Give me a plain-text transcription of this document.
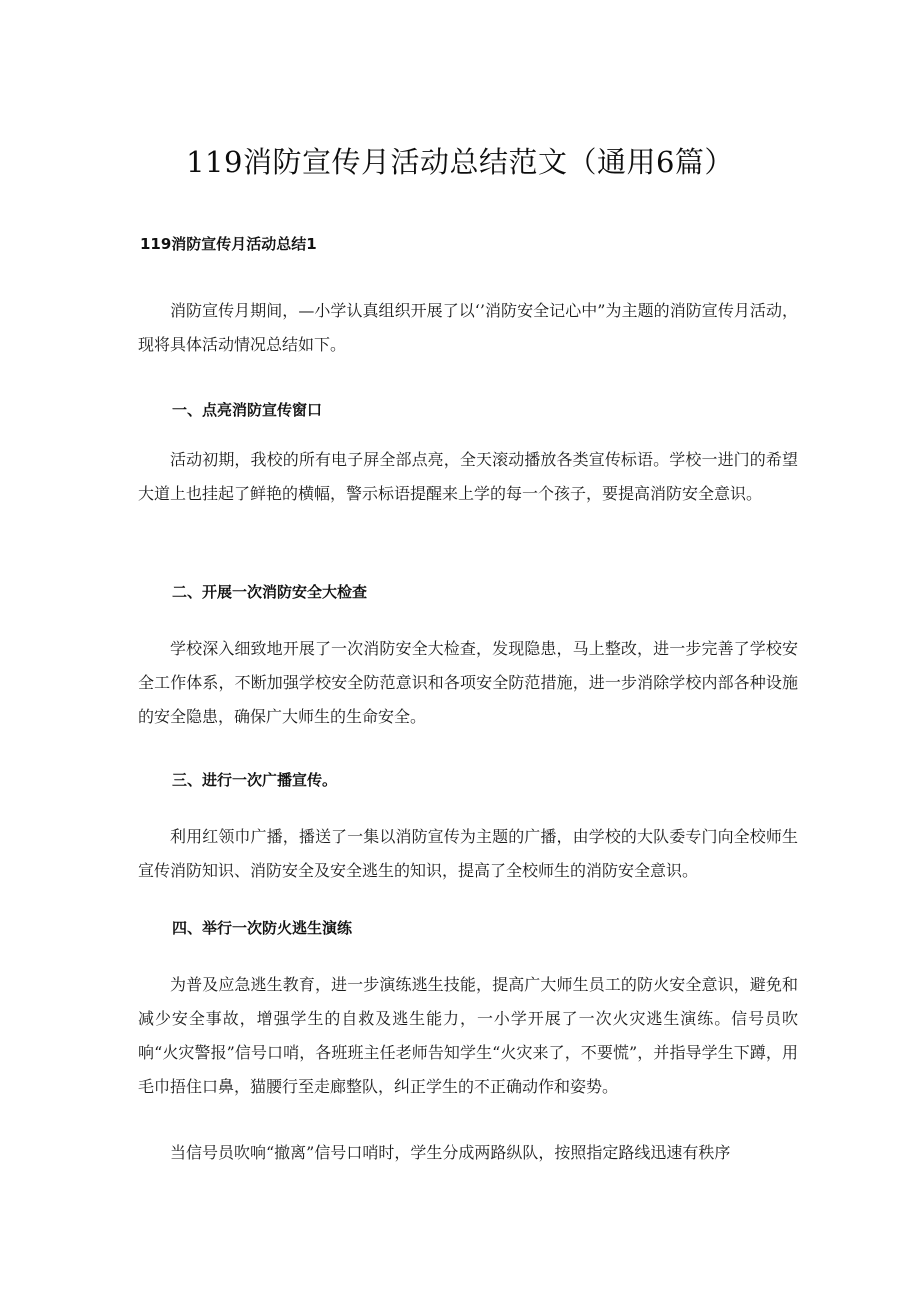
119消防宣传月活动总结范文（通用6篇）
119消防宣传月活动总结1

消防宣传月期间，—小学认真组织开展了以‘’消防安全记心中”为主题的消防宣传月活动，现将具体活动情况总结如下。

一、点亮消防宣传窗口

活动初期，我校的所有电子屏全部点亮，全天滚动播放各类宣传标语。学校一进门的希望大道上也挂起了鲜艳的横幅，警示标语提醒来上学的每一个孩子，要提高消防安全意识。

二、开展一次消防安全大检查

学校深入细致地开展了一次消防安全大检查，发现隐患，马上整改，进一步完善了学校安全工作体系，不断加强学校安全防范意识和各项安全防范措施，进一步消除学校内部各种设施的安全隐患，确保广大师生的生命安全。

三、进行一次广播宣传。

利用红领巾广播，播送了一集以消防宣传为主题的广播，由学校的大队委专门向全校师生宣传消防知识、消防安全及安全逃生的知识，提高了全校师生的消防安全意识。

四、举行一次防火逃生演练

为普及应急逃生教育，进一步演练逃生技能，提高广大师生员工的防火安全意识，避免和减少安全事故，增强学生的自救及逃生能力，一小学开展了一次火灾逃生演练。信号员吹响“火灾警报”信号口哨，各班班主任老师告知学生“火灾来了，不要慌”，并指导学生下蹲，用毛巾捂住口鼻，猫腰行至走廊整队，纠正学生的不正确动作和姿势。

当信号员吹响“撤离”信号口哨时，学生分成两路纵队，按照指定路线迅速有秩序
